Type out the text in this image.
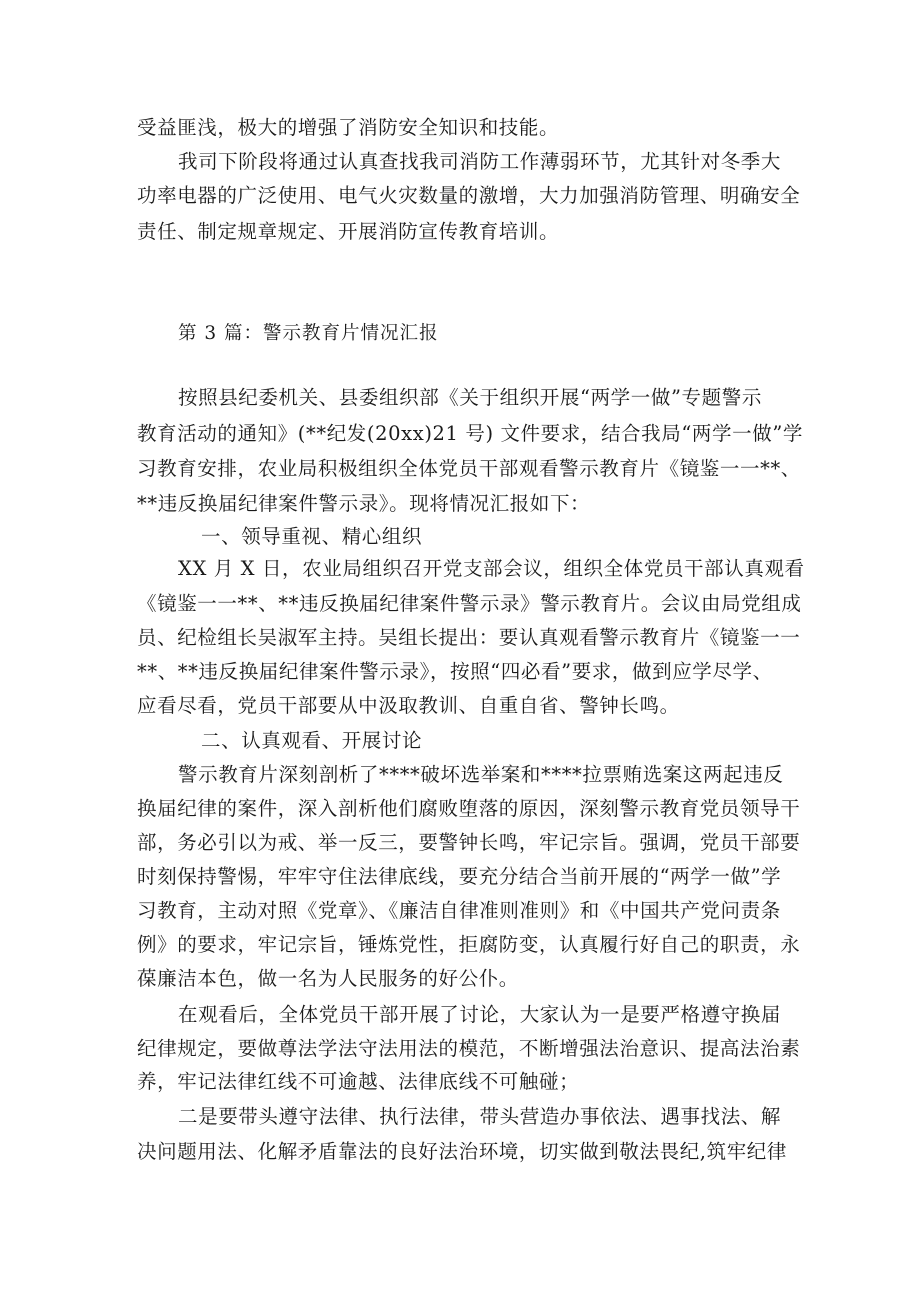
受益匪浅，极大的增强了消防安全知识和技能。
我司下阶段将通过认真查找我司消防工作薄弱环节，尤其针对冬季大
功率电器的广泛使用、电气火灾数量的激增，大力加强消防管理、明确安全
责任、制定规章规定、开展消防宣传教育培训。
第 3 篇：警示教育片情况汇报
按照县纪委机关、县委组织部《关于组织开展“两学一做”专题警示
教育活动的通知》(**纪发(20xx)21 号) 文件要求，结合我局“两学一做”学
习教育安排，农业局积极组织全体党员干部观看警示教育片《镜鉴一一**、
**违反换届纪律案件警示录》。现将情况汇报如下：
一、领导重视、精心组织
XX 月 X 日，农业局组织召开党支部会议，组织全体党员干部认真观看
《镜鉴一一**、**违反换届纪律案件警示录》警示教育片。会议由局党组成
员、纪检组长吴淑军主持。吴组长提出：要认真观看警示教育片《镜鉴一一
**、**违反换届纪律案件警示录》，按照“四必看”要求，做到应学尽学、
应看尽看，党员干部要从中汲取教训、自重自省、警钟长鸣。
二、认真观看、开展讨论
警示教育片深刻剖析了****破坏选举案和****拉票贿选案这两起违反
换届纪律的案件，深入剖析他们腐败堕落的原因，深刻警示教育党员领导干
部，务必引以为戒、举一反三，要警钟长鸣，牢记宗旨。强调，党员干部要
时刻保持警惕，牢牢守住法律底线，要充分结合当前开展的“两学一做”学
习教育，主动对照《党章》、《廉洁自律准则准则》和《中国共产党问责条
例》的要求，牢记宗旨，锤炼党性，拒腐防变，认真履行好自己的职责，永
葆廉洁本色，做一名为人民服务的好公仆。
在观看后，全体党员干部开展了讨论，大家认为一是要严格遵守换届
纪律规定，要做尊法学法守法用法的模范，不断增强法治意识、提高法治素
养，牢记法律红线不可逾越、法律底线不可触碰；
二是要带头遵守法律、执行法律，带头营造办事依法、遇事找法、解
决问题用法、化解矛盾靠法的良好法治环境，切实做到敬法畏纪,筑牢纪律
